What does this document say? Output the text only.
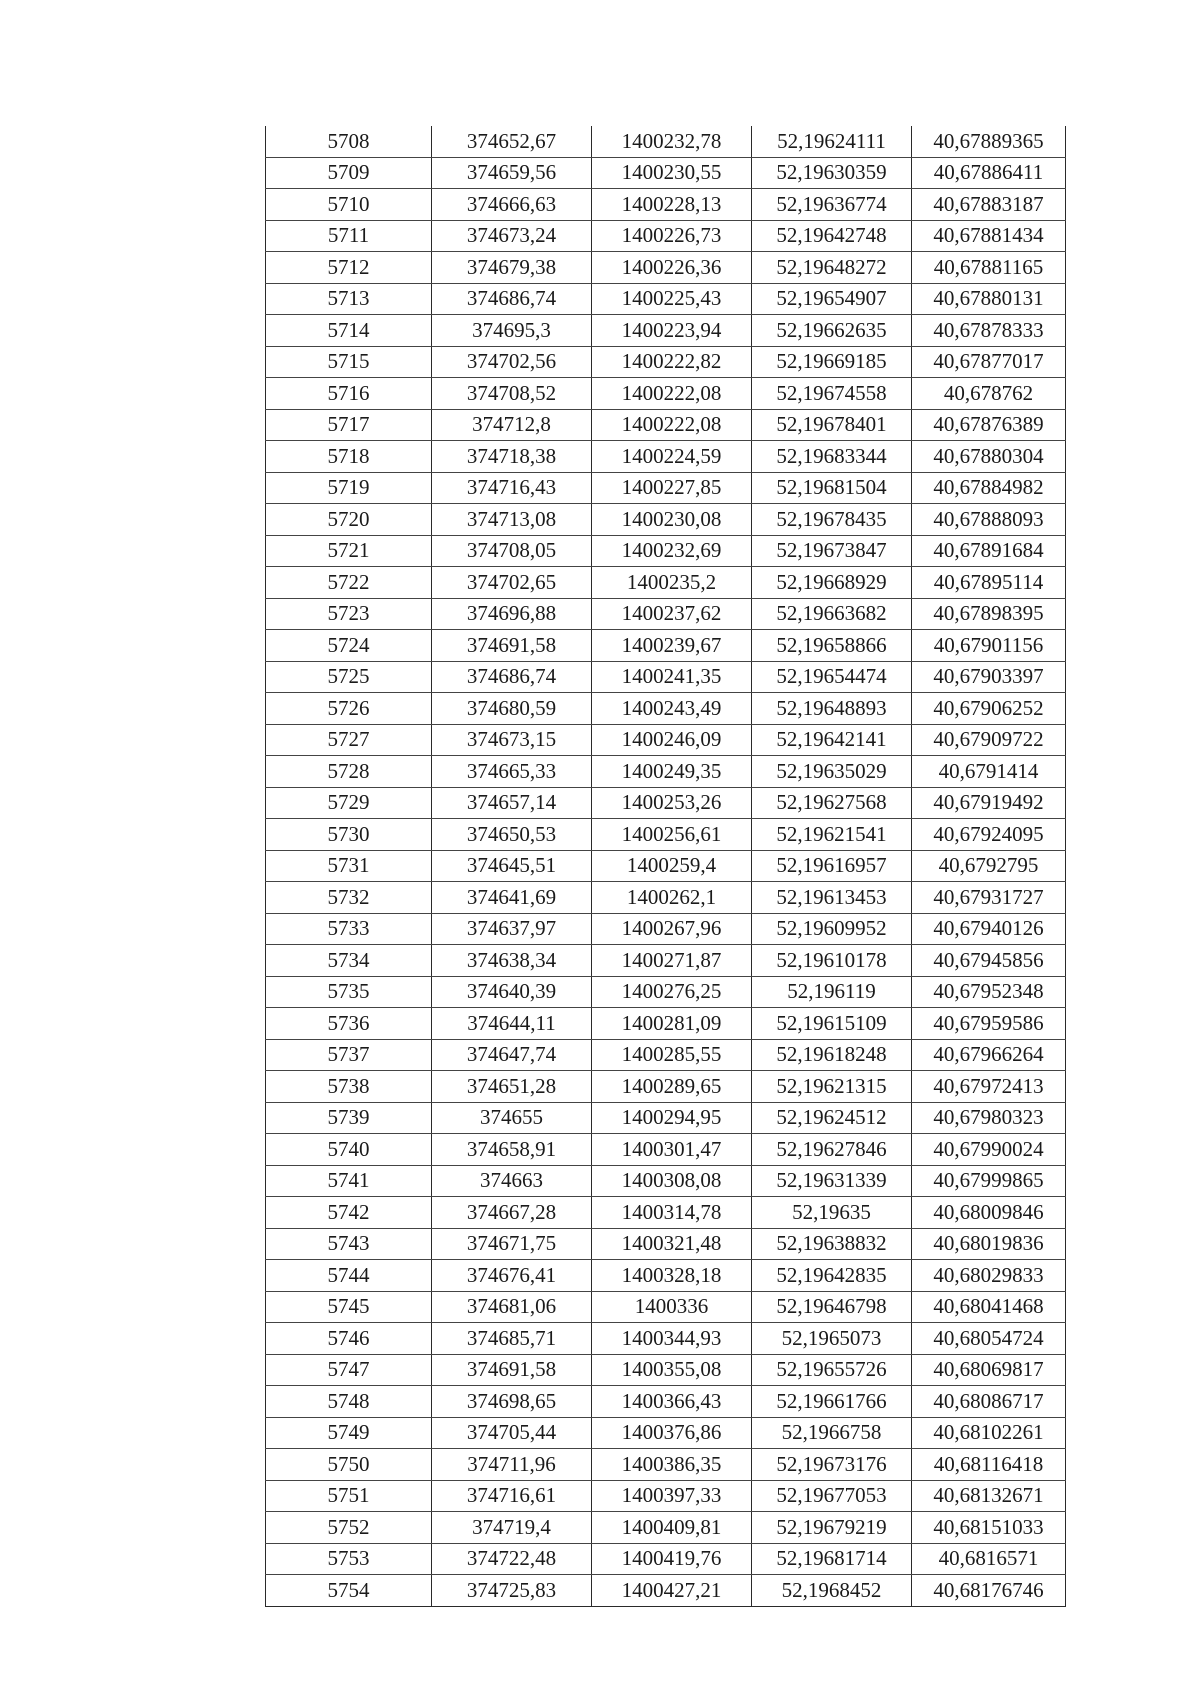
5708	374652,67	1400232,78	52,19624111	40,67889365
5709	374659,56	1400230,55	52,19630359	40,67886411
5710	374666,63	1400228,13	52,19636774	40,67883187
5711	374673,24	1400226,73	52,19642748	40,67881434
5712	374679,38	1400226,36	52,19648272	40,67881165
5713	374686,74	1400225,43	52,19654907	40,67880131
5714	374695,3	1400223,94	52,19662635	40,67878333
5715	374702,56	1400222,82	52,19669185	40,67877017
5716	374708,52	1400222,08	52,19674558	40,678762
5717	374712,8	1400222,08	52,19678401	40,67876389
5718	374718,38	1400224,59	52,19683344	40,67880304
5719	374716,43	1400227,85	52,19681504	40,67884982
5720	374713,08	1400230,08	52,19678435	40,67888093
5721	374708,05	1400232,69	52,19673847	40,67891684
5722	374702,65	1400235,2	52,19668929	40,67895114
5723	374696,88	1400237,62	52,19663682	40,67898395
5724	374691,58	1400239,67	52,19658866	40,67901156
5725	374686,74	1400241,35	52,19654474	40,67903397
5726	374680,59	1400243,49	52,19648893	40,67906252
5727	374673,15	1400246,09	52,19642141	40,67909722
5728	374665,33	1400249,35	52,19635029	40,6791414
5729	374657,14	1400253,26	52,19627568	40,67919492
5730	374650,53	1400256,61	52,19621541	40,67924095
5731	374645,51	1400259,4	52,19616957	40,6792795
5732	374641,69	1400262,1	52,19613453	40,67931727
5733	374637,97	1400267,96	52,19609952	40,67940126
5734	374638,34	1400271,87	52,19610178	40,67945856
5735	374640,39	1400276,25	52,196119	40,67952348
5736	374644,11	1400281,09	52,19615109	40,67959586
5737	374647,74	1400285,55	52,19618248	40,67966264
5738	374651,28	1400289,65	52,19621315	40,67972413
5739	374655	1400294,95	52,19624512	40,67980323
5740	374658,91	1400301,47	52,19627846	40,67990024
5741	374663	1400308,08	52,19631339	40,67999865
5742	374667,28	1400314,78	52,19635	40,68009846
5743	374671,75	1400321,48	52,19638832	40,68019836
5744	374676,41	1400328,18	52,19642835	40,68029833
5745	374681,06	1400336	52,19646798	40,68041468
5746	374685,71	1400344,93	52,1965073	40,68054724
5747	374691,58	1400355,08	52,19655726	40,68069817
5748	374698,65	1400366,43	52,19661766	40,68086717
5749	374705,44	1400376,86	52,1966758	40,68102261
5750	374711,96	1400386,35	52,19673176	40,68116418
5751	374716,61	1400397,33	52,19677053	40,68132671
5752	374719,4	1400409,81	52,19679219	40,68151033
5753	374722,48	1400419,76	52,19681714	40,6816571
5754	374725,83	1400427,21	52,1968452	40,68176746
